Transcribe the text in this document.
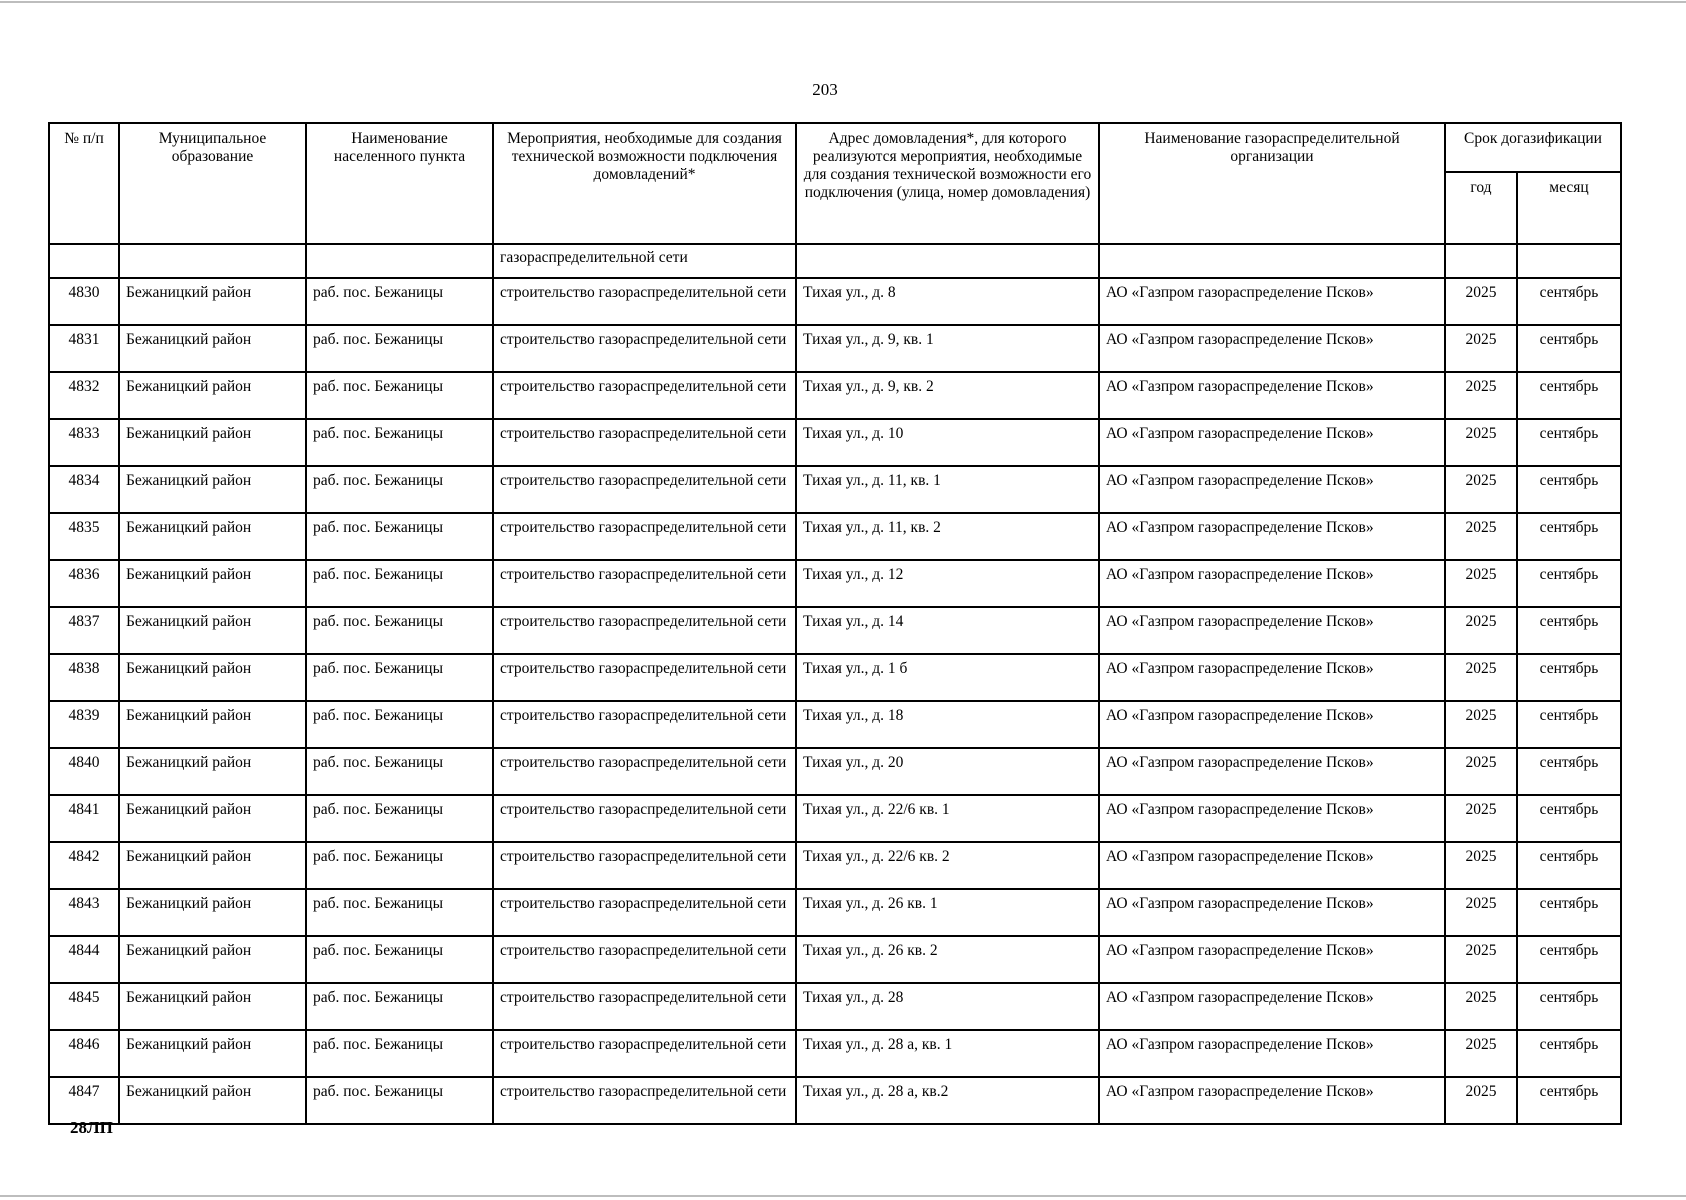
203
№ п/п	Муниципальное образование	Наименование населенного пункта	Мероприятия, необходимые для создания технической возможности подключения домовладений*	Адрес домовладения*, для которого реализуются мероприятия, необходимые для создания технической возможности его подключения (улица, номер домовладения)	Наименование газораспределительной организации	Срок догазификации	
						год	месяц
			газораспределительной сети				
4830	Бежаницкий район	раб. пос. Бежаницы	строительство газораспределительной сети	Тихая ул., д. 8	АО «Газпром газораспределение Псков»	2025	сентябрь
4831	Бежаницкий район	раб. пос. Бежаницы	строительство газораспределительной сети	Тихая ул., д. 9, кв. 1	АО «Газпром газораспределение Псков»	2025	сентябрь
4832	Бежаницкий район	раб. пос. Бежаницы	строительство газораспределительной сети	Тихая ул., д. 9, кв. 2	АО «Газпром газораспределение Псков»	2025	сентябрь
4833	Бежаницкий район	раб. пос. Бежаницы	строительство газораспределительной сети	Тихая ул., д. 10	АО «Газпром газораспределение Псков»	2025	сентябрь
4834	Бежаницкий район	раб. пос. Бежаницы	строительство газораспределительной сети	Тихая ул., д. 11, кв. 1	АО «Газпром газораспределение Псков»	2025	сентябрь
4835	Бежаницкий район	раб. пос. Бежаницы	строительство газораспределительной сети	Тихая ул., д. 11, кв. 2	АО «Газпром газораспределение Псков»	2025	сентябрь
4836	Бежаницкий район	раб. пос. Бежаницы	строительство газораспределительной сети	Тихая ул., д. 12	АО «Газпром газораспределение Псков»	2025	сентябрь
4837	Бежаницкий район	раб. пос. Бежаницы	строительство газораспределительной сети	Тихая ул., д. 14	АО «Газпром газораспределение Псков»	2025	сентябрь
4838	Бежаницкий район	раб. пос. Бежаницы	строительство газораспределительной сети	Тихая ул., д. 1 б	АО «Газпром газораспределение Псков»	2025	сентябрь
4839	Бежаницкий район	раб. пос. Бежаницы	строительство газораспределительной сети	Тихая ул., д. 18	АО «Газпром газораспределение Псков»	2025	сентябрь
4840	Бежаницкий район	раб. пос. Бежаницы	строительство газораспределительной сети	Тихая ул., д. 20	АО «Газпром газораспределение Псков»	2025	сентябрь
4841	Бежаницкий район	раб. пос. Бежаницы	строительство газораспределительной сети	Тихая ул., д. 22/6 кв. 1	АО «Газпром газораспределение Псков»	2025	сентябрь
4842	Бежаницкий район	раб. пос. Бежаницы	строительство газораспределительной сети	Тихая ул., д. 22/6 кв. 2	АО «Газпром газораспределение Псков»	2025	сентябрь
4843	Бежаницкий район	раб. пос. Бежаницы	строительство газораспределительной сети	Тихая ул., д. 26 кв. 1	АО «Газпром газораспределение Псков»	2025	сентябрь
4844	Бежаницкий район	раб. пос. Бежаницы	строительство газораспределительной сети	Тихая ул., д. 26 кв. 2	АО «Газпром газораспределение Псков»	2025	сентябрь
4845	Бежаницкий район	раб. пос. Бежаницы	строительство газораспределительной сети	Тихая ул., д. 28	АО «Газпром газораспределение Псков»	2025	сентябрь
4846	Бежаницкий район	раб. пос. Бежаницы	строительство газораспределительной сети	Тихая ул., д. 28 а, кв. 1	АО «Газпром газораспределение Псков»	2025	сентябрь
4847	Бежаницкий район	раб. пос. Бежаницы	строительство газораспределительной сети	Тихая ул., д. 28 а, кв.2	АО «Газпром газораспределение Псков»	2025	сентябрь
28ЛП
